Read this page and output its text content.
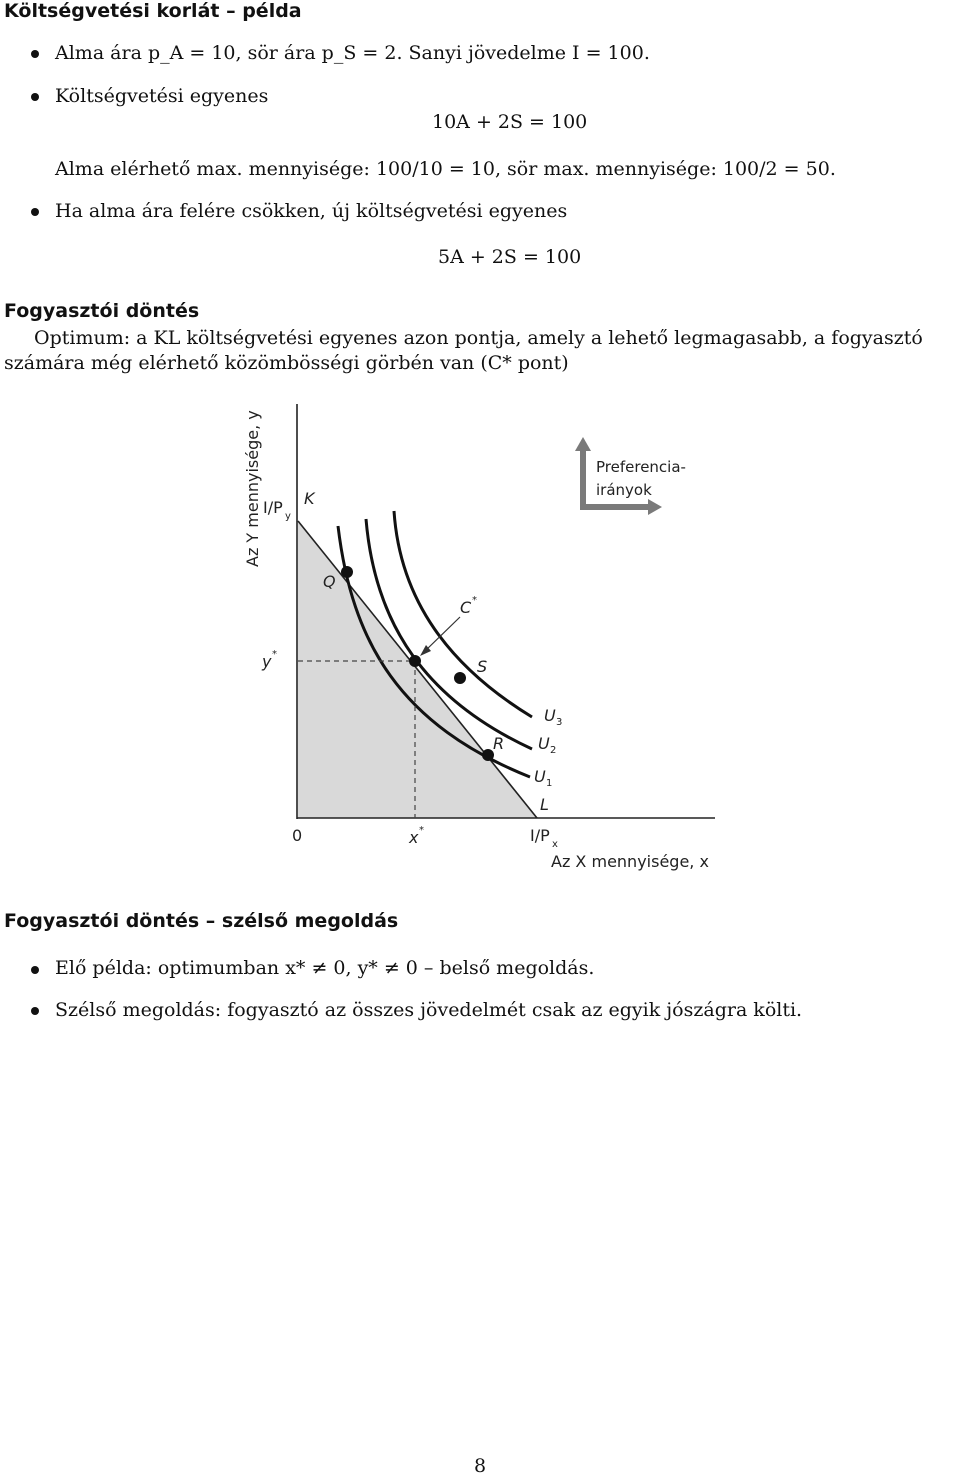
Költségvetési korlát – példa
Alma ára p_A = 10, sör ára p_S = 2. Sanyi jövedelme I = 100.
Költségvetési egyenes
10A + 2S = 100
Alma elérhető max. mennyisége: 100/10 = 10, sör max. mennyisége: 100/2 = 50.
Ha alma ára felére csökken, új költségvetési egyenes
5A + 2S = 100
Fogyasztói döntés
Optimum: a KL költségvetési egyenes azon pontja, amely a lehető legmagasabb, a fogyasztó számára még elérhető közömbösségi görbén van (C* pont)
Preferencia-
irányok
Az Y mennyisége, y I/P y
K
Q
y *
C *
S
U 3
R U 2
U 1
L
0	x *	I/P x
Az X mennyisége, x
Fogyasztói döntés – szélső megoldás
Elő példa: optimumban x* ≠ 0, y* ≠ 0 – belső megoldás.
Szélső megoldás: fogyasztó az összes jövedelmét csak az egyik jószágra költi.
8
